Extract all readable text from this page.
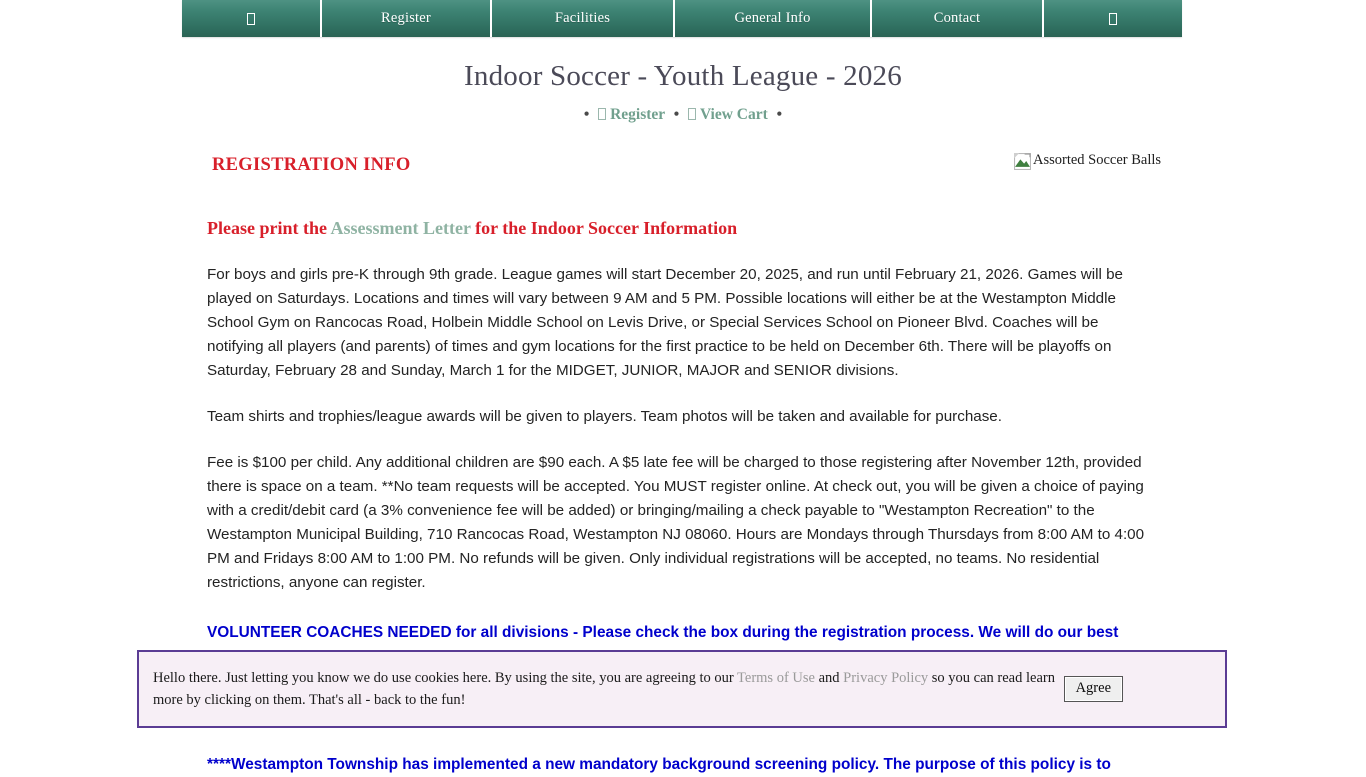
Register	Facilities	General Info	Contact
Indoor Soccer - Youth League - 2026
• Register • View Cart •
Assorted Soccer Balls
REGISTRATION INFO
Please print the Assessment Letter for the Indoor Soccer Information
For boys and girls pre-K through 9th grade. League games will start December 20, 2025, and run until February 21, 2026. Games will be played on Saturdays. Locations and times will vary between 9 AM and 5 PM. Possible locations will either be at the Westampton Middle School Gym on Rancocas Road, Holbein Middle School on Levis Drive, or Special Services School on Pioneer Blvd. Coaches will be notifying all players (and parents) of times and gym locations for the first practice to be held on December 6th. There will be playoffs on Saturday, February 28 and Sunday, March 1 for the MIDGET, JUNIOR, MAJOR and SENIOR divisions.
Team shirts and trophies/league awards will be given to players. Team photos will be taken and available for purchase.
Fee is $100 per child. Any additional children are $90 each. A $5 late fee will be charged to those registering after November 12th, provided there is space on a team. **No team requests will be accepted. You MUST register online. At check out, you will be given a choice of paying with a credit/debit card (a 3% convenience fee will be added) or bringing/mailing a check payable to "Westampton Recreation" to the Westampton Municipal Building, 710 Rancocas Road, Westampton NJ 08060. Hours are Mondays through Thursdays from 8:00 AM to 4:00 PM and Fridays 8:00 AM to 1:00 PM. No refunds will be given. Only individual registrations will be accepted, no teams. No residential restrictions, anyone can register.
VOLUNTEER COACHES NEEDED for all divisions - Please check the box during the registration process. We will do our best
****Westampton Township has implemented a new mandatory background screening policy. The purpose of this policy is to
Hello there. Just letting you know we do use cookies here. By using the site, you are agreeing to our Terms of Use and Privacy Policy so you can read learn more by clicking on them. That's all - back to the fun!
Agree
